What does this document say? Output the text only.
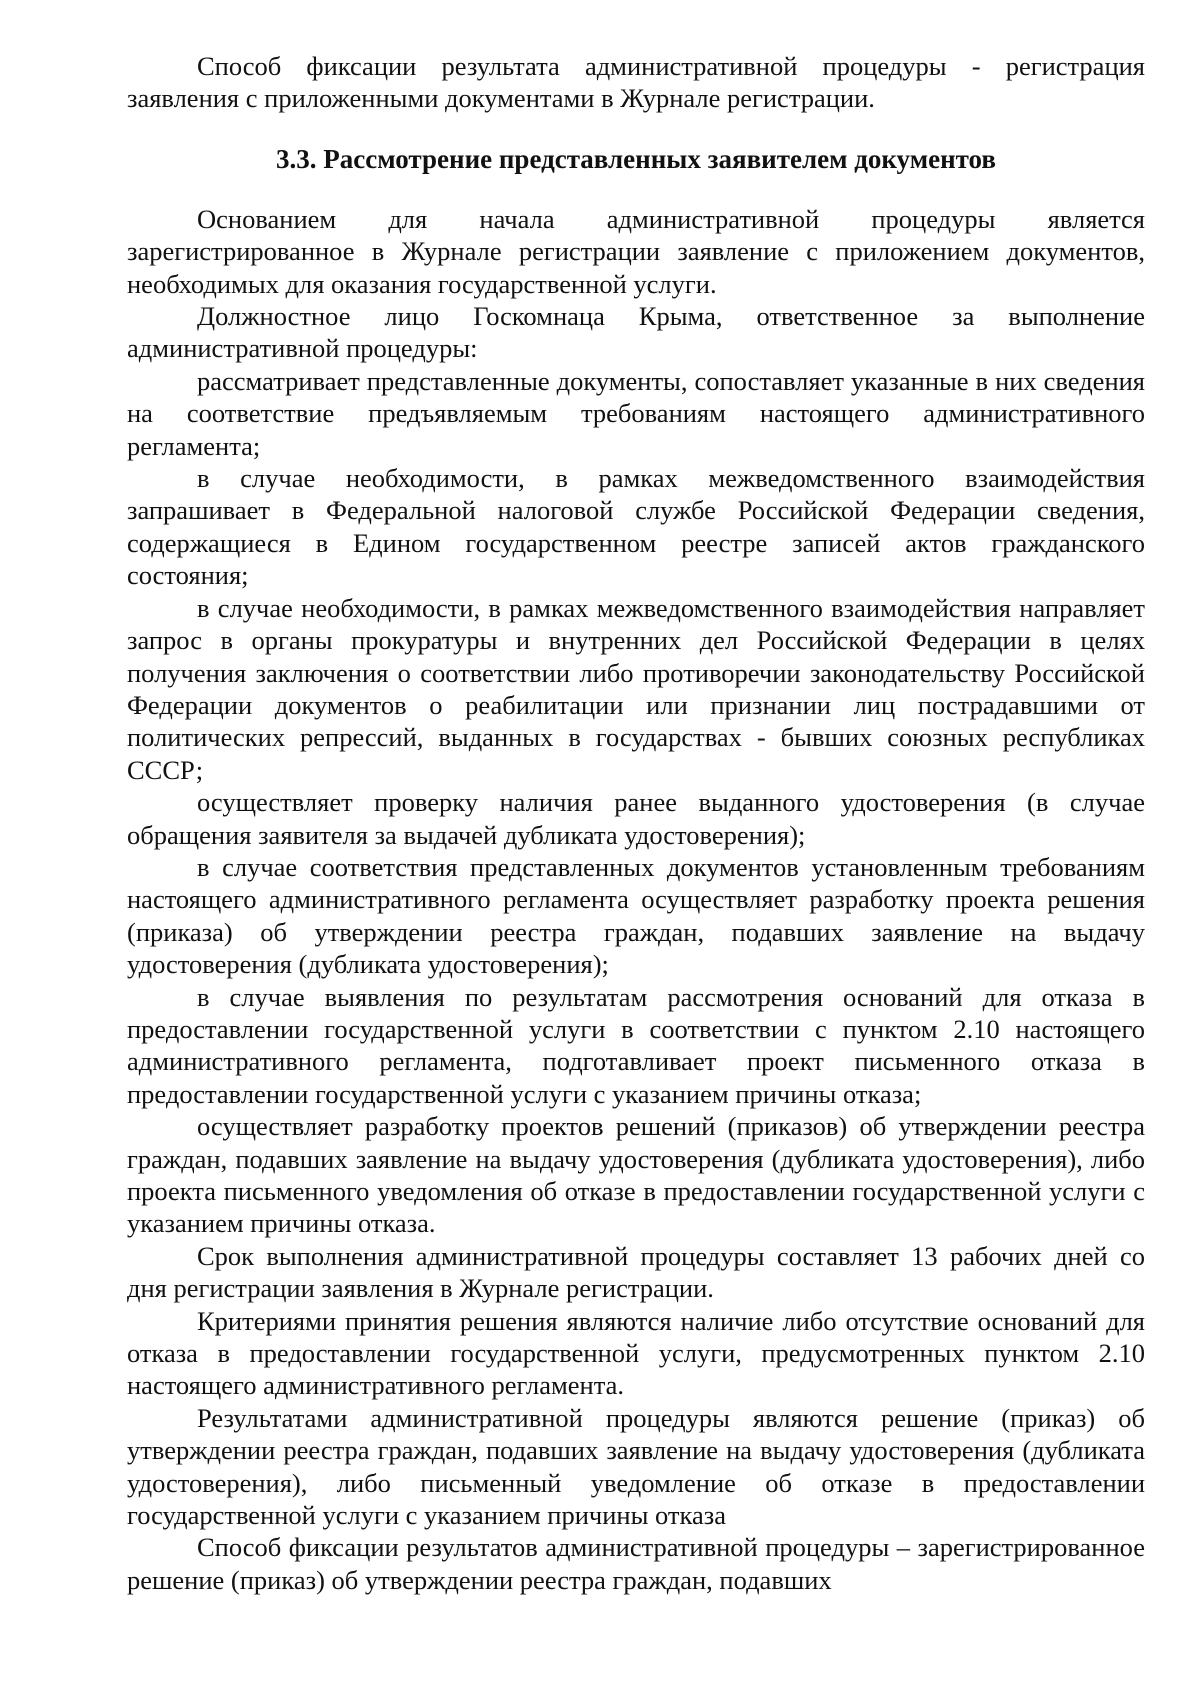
Способ фиксации результата административной процедуры - регистрация заявления с приложенными документами в Журнале регистрации.

3.3. Рассмотрение представленных заявителем документов

Основанием для начала административной процедуры является зарегистрированное в Журнале регистрации заявление с приложением документов, необходимых для оказания государственной услуги.

Должностное лицо Госкомнаца Крыма, ответственное за выполнение административной процедуры:

рассматривает представленные документы, сопоставляет указанные в них сведения на соответствие предъявляемым требованиям настоящего административного регламента;

в случае необходимости, в рамках межведомственного взаимодействия запрашивает в Федеральной налоговой службе Российской Федерации сведения, содержащиеся в Едином государственном реестре записей актов гражданского состояния;

в случае необходимости, в рамках межведомственного взаимодействия направляет запрос в органы прокуратуры и внутренних дел Российской Федерации в целях получения заключения о соответствии либо противоречии законодательству Российской Федерации документов о реабилитации или признании лиц пострадавшими от политических репрессий, выданных в государствах - бывших союзных республиках СССР;

осуществляет проверку наличия ранее выданного удостоверения (в случае обращения заявителя за выдачей дубликата удостоверения);

в случае соответствия представленных документов установленным требованиям настоящего административного регламента осуществляет разработку проекта решения (приказа) об утверждении реестра граждан, подавших заявление на выдачу удостоверения (дубликата удостоверения);

в случае выявления по результатам рассмотрения оснований для отказа в предоставлении государственной услуги в соответствии с пунктом 2.10 настоящего административного регламента, подготавливает проект письменного отказа в предоставлении государственной услуги с указанием причины отказа;

осуществляет разработку проектов решений (приказов) об утверждении реестра граждан, подавших заявление на выдачу удостоверения (дубликата удостоверения), либо проекта письменного уведомления об отказе в предоставлении государственной услуги с указанием причины отказа.

Срок выполнения административной процедуры составляет 13 рабочих дней со дня регистрации заявления в Журнале регистрации.

Критериями принятия решения являются наличие либо отсутствие оснований для отказа в предоставлении государственной услуги, предусмотренных пунктом 2.10 настоящего административного регламента.

Результатами административной процедуры являются решение (приказ) об утверждении реестра граждан, подавших заявление на выдачу удостоверения (дубликата удостоверения), либо письменный уведомление об отказе в предоставлении государственной услуги с указанием причины отказа

Способ фиксации результатов административной процедуры – зарегистрированное решение (приказ) об утверждении реестра граждан, подавших
